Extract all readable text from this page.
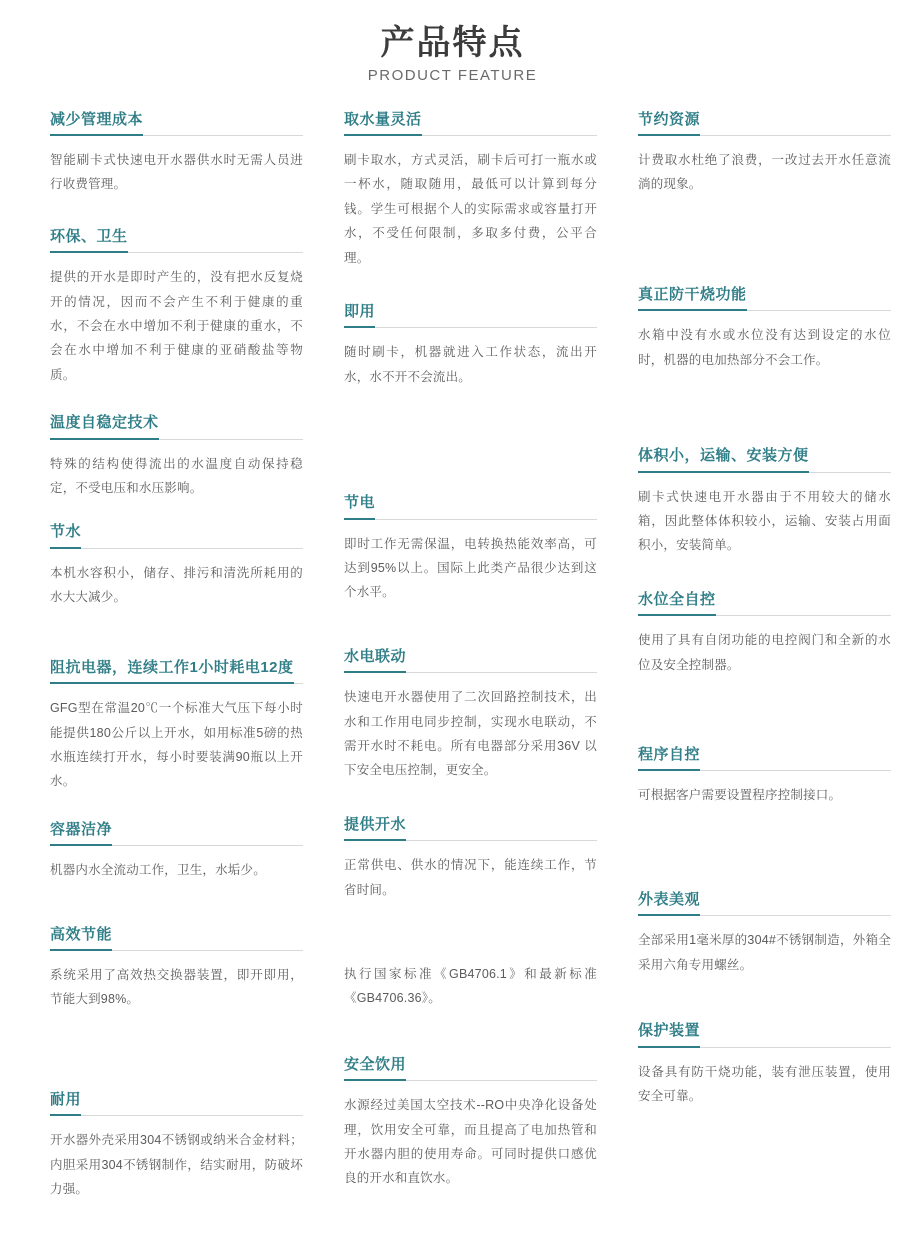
产品特点
PRODUCT FEATURE
减少管理成本
智能刷卡式快速电开水器供水时无需人员进行收费管理。
环保、卫生
提供的开水是即时产生的，没有把水反复烧开的情况，因而不会产生不利于健康的重水，不会在水中增加不利于健康的重水，不会在水中增加不利于健康的亚硝酸盐等物质。
温度自稳定技术
特殊的结构使得流出的水温度自动保持稳定，不受电压和水压影响。
节水
本机水容积小，储存、排污和清洗所耗用的水大大减少。
阻抗电器，连续工作1小时耗电12度
GFG型在常温20℃一个标准大气压下每小时能提供180公斤以上开水，如用标准5磅的热水瓶连续打开水，每小时要装满90瓶以上开水。
容器洁净
机器内水全流动工作，卫生，水垢少。
高效节能
系统采用了高效热交换器装置，即开即用，节能大到98%。
耐用
开水器外壳采用304不锈钢或纳米合金材料；内胆采用304不锈钢制作，结实耐用，防破坏力强。
取水量灵活
刷卡取水，方式灵活，刷卡后可打一瓶水或一杯水，随取随用，最低可以计算到每分钱。学生可根据个人的实际需求或容量打开水，不受任何限制，多取多付费，公平合理。
即用
随时刷卡，机器就进入工作状态，流出开水，水不开不会流出。
节电
即时工作无需保温，电转换热能效率高，可达到95%以上。国际上此类产品很少达到这个水平。
水电联动
快速电开水器使用了二次回路控制技术，出水和工作用电同步控制，实现水电联动，不需开水时不耗电。所有电器部分采用36V 以下安全电压控制，更安全。
提供开水
正常供电、供水的情况下，能连续工作，节省时间。
执行国家标准《GB4706.1》和最新标准《GB4706.36》。
安全饮用
水源经过美国太空技术--RO中央净化设备处理，饮用安全可靠，而且提高了电加热管和开水器内胆的使用寿命。可同时提供口感优良的开水和直饮水。
节约资源
计费取水杜绝了浪费，一改过去开水任意流淌的现象。
真正防干烧功能
水箱中没有水或水位没有达到设定的水位时，机器的电加热部分不会工作。
体积小，运输、安装方便
刷卡式快速电开水器由于不用较大的储水箱，因此整体体积较小，运输、安装占用面积小，安装简单。
水位全自控
使用了具有自闭功能的电控阀门和全新的水位及安全控制器。
程序自控
可根据客户需要设置程序控制接口。
外表美观
全部采用1毫米厚的304#不锈钢制造，外箱全采用六角专用螺丝。
保护装置
设备具有防干烧功能，装有泄压装置，使用安全可靠。
